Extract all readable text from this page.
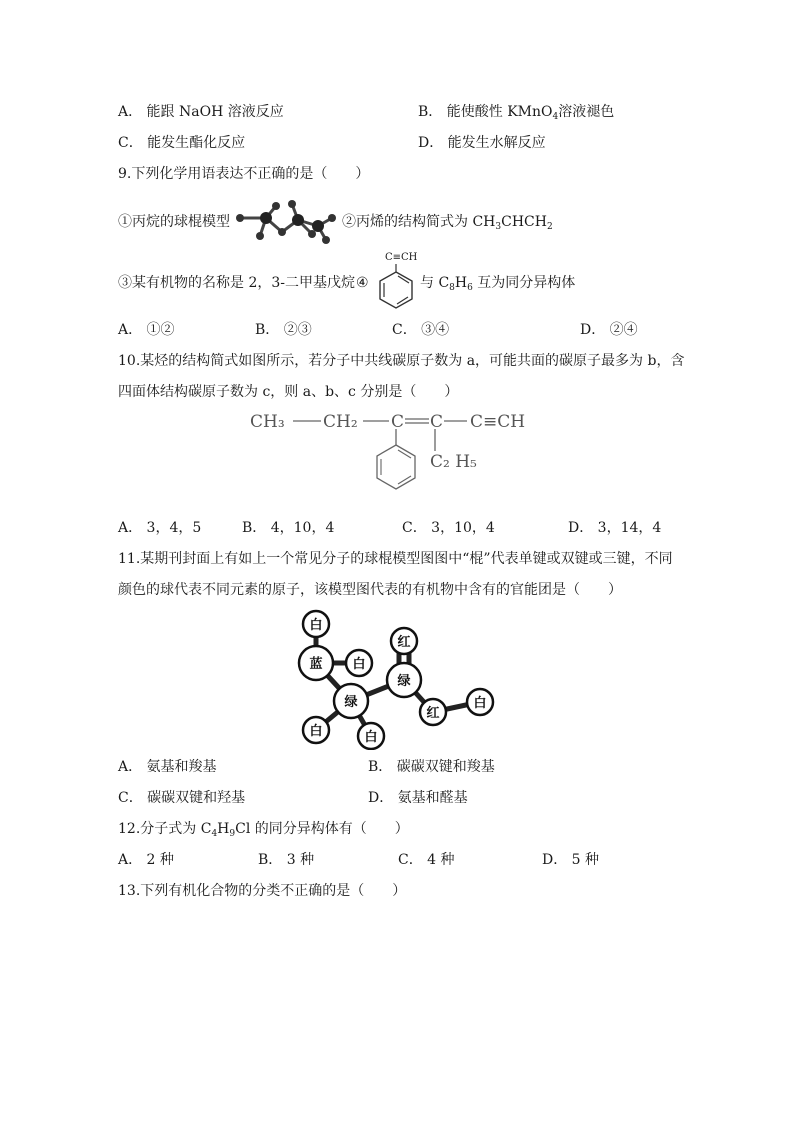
A． 能跟 NaOH 溶液反应	B． 能使酸性 KMnO$_4$溶液褪色
C． 能发生酯化反应	D． 能发生水解反应
9.下列化学用语表达不正确的是（　　）
①丙烷的球棍模型	②丙烯的结构简式为 $CH_3CHCH_2$
③某有机物的名称是 2，3-二甲基戊烷 ④
C≡CH
与 $C_8H_6$ 互为同分异构体
A． ①②	B． ②③	C． ③④	D． ②④
10.某烃的结构简式如图所示，若分子中共线碳原子数为 a，可能共面的碳原子最多为 b，含
四面体结构碳原子数为 c，则 a、b、c 分别是（　　）
CH₃ CH₂ C C C≡CH
C₂ H₅
A． 3，4，5	B． 4，10，4	C． 3，10，4	D． 3，14，4
11.某期刊封面上有如上一个常见分子的球棍模型图图中“棍”代表单键或双键或三键，不同
颜色的球代表不同元素的原子，该模型图代表的有机物中含有的官能团是（　　）
白
蓝 白
绿
白	白
红
绿
红
白
A． 氨基和羧基	B． 碳碳双键和羧基
C． 碳碳双键和羟基	D． 氨基和醛基
12.分子式为 $C_4H_9Cl$ 的同分异构体有（　　）
A． 2 种	B． 3 种	C． 4 种	D． 5 种
13.下列有机化合物的分类不正确的是（　　）
